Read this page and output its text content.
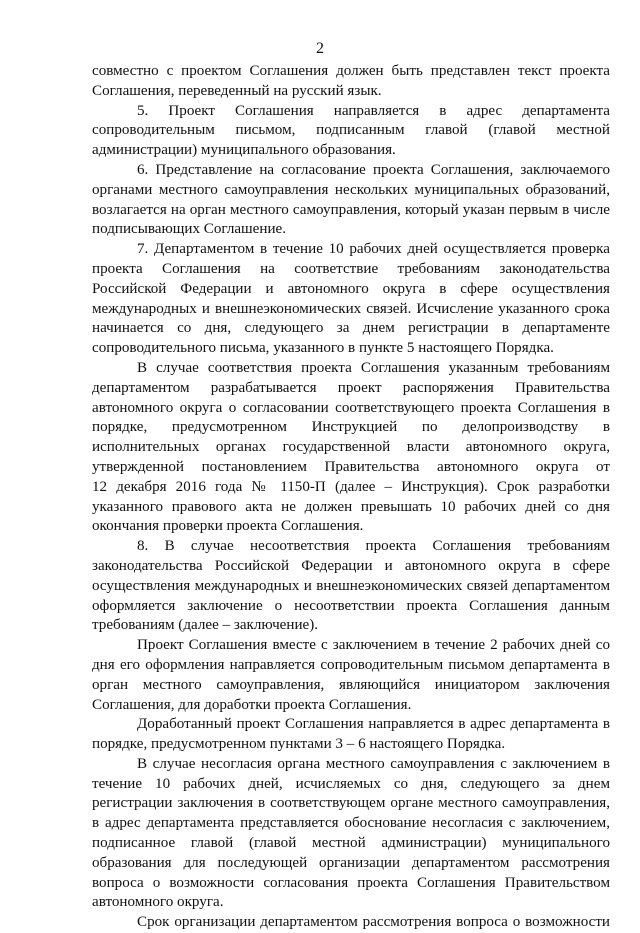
2
совместно с проектом Соглашения должен быть представлен текст проекта
Соглашения, переведенный на русский язык.
5. Проект Соглашения направляется в адрес департамента
сопроводительным письмом, подписанным главой (главой местной
администрации) муниципального образования.
6. Представление на согласование проекта Соглашения, заключаемого
органами местного самоуправления нескольких муниципальных образований,
возлагается на орган местного самоуправления, который указан первым в числе
подписывающих Соглашение.
7. Департаментом в течение 10 рабочих дней осуществляется проверка
проекта Соглашения на соответствие требованиям законодательства
Российской Федерации и автономного округа в сфере осуществления
международных и внешнеэкономических связей. Исчисление указанного срока
начинается со дня, следующего за днем регистрации в департаменте
сопроводительного письма, указанного в пункте 5 настоящего Порядка.
В случае соответствия проекта Соглашения указанным требованиям
департаментом разрабатывается проект распоряжения Правительства
автономного округа о согласовании соответствующего проекта Соглашения в
порядке, предусмотренном Инструкцией по делопроизводству в
исполнительных органах государственной власти автономного округа,
утвержденной постановлением Правительства автономного округа от
12 декабря 2016 года № 1150-П (далее – Инструкция). Срок разработки
указанного правового акта не должен превышать 10 рабочих дней со дня
окончания проверки проекта Соглашения.
8. В случае несоответствия проекта Соглашения требованиям
законодательства Российской Федерации и автономного округа в сфере
осуществления международных и внешнеэкономических связей департаментом
оформляется заключение о несоответствии проекта Соглашения данным
требованиям (далее – заключение).
Проект Соглашения вместе с заключением в течение 2 рабочих дней со
дня его оформления направляется сопроводительным письмом департамента в
орган местного самоуправления, являющийся инициатором заключения
Соглашения, для доработки проекта Соглашения.
Доработанный проект Соглашения направляется в адрес департамента в
порядке, предусмотренном пунктами 3 – 6 настоящего Порядка.
В случае несогласия органа местного самоуправления с заключением в
течение 10 рабочих дней, исчисляемых со дня, следующего за днем
регистрации заключения в соответствующем органе местного самоуправления,
в адрес департамента представляется обоснование несогласия с заключением,
подписанное главой (главой местной администрации) муниципального
образования для последующей организации департаментом рассмотрения
вопроса о возможности согласования проекта Соглашения Правительством
автономного округа.
Срок организации департаментом рассмотрения вопроса о возможности
